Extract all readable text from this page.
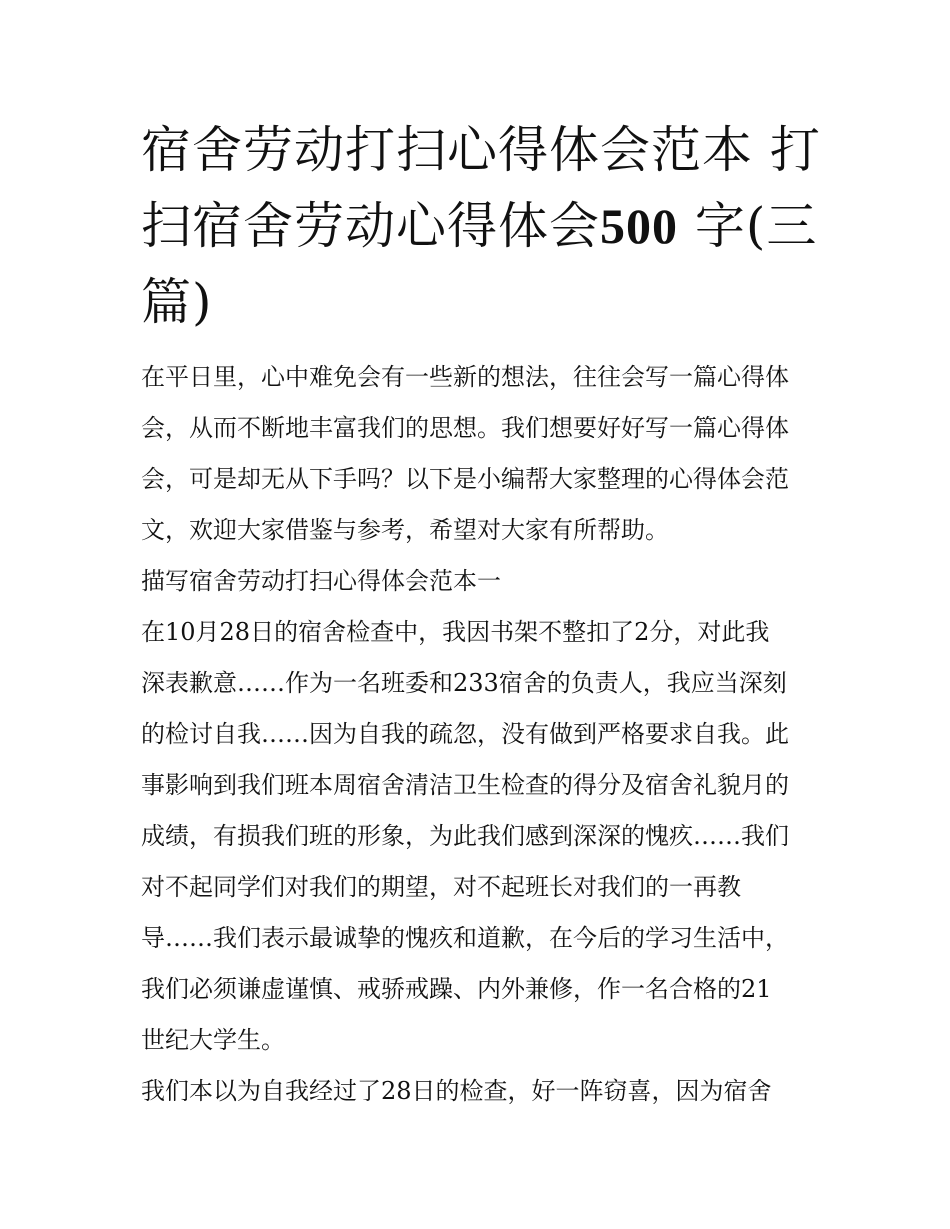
宿舍劳动打扫心得体会范本 打
扫宿舍劳动心得体会500 字(三
篇)

在平日里，心中难免会有一些新的想法，往往会写一篇心得体
会，从而不断地丰富我们的思想。我们想要好好写一篇心得体
会，可是却无从下手吗？以下是小编帮大家整理的心得体会范
文，欢迎大家借鉴与参考，希望对大家有所帮助。

描写宿舍劳动打扫心得体会范本一

在10月28日的宿舍检查中，我因书架不整扣了2分，对此我
深表歉意……作为一名班委和233宿舍的负责人，我应当深刻
的检讨自我……因为自我的疏忽，没有做到严格要求自我。此
事影响到我们班本周宿舍清洁卫生检查的得分及宿舍礼貌月的
成绩，有损我们班的形象，为此我们感到深深的愧疚……我们
对不起同学们对我们的期望，对不起班长对我们的一再教
导……我们表示最诚挚的愧疚和道歉，在今后的学习生活中，
我们必须谦虚谨慎、戒骄戒躁、内外兼修，作一名合格的21
世纪大学生。

我们本以为自我经过了28日的检查，好一阵窃喜，因为宿舍
